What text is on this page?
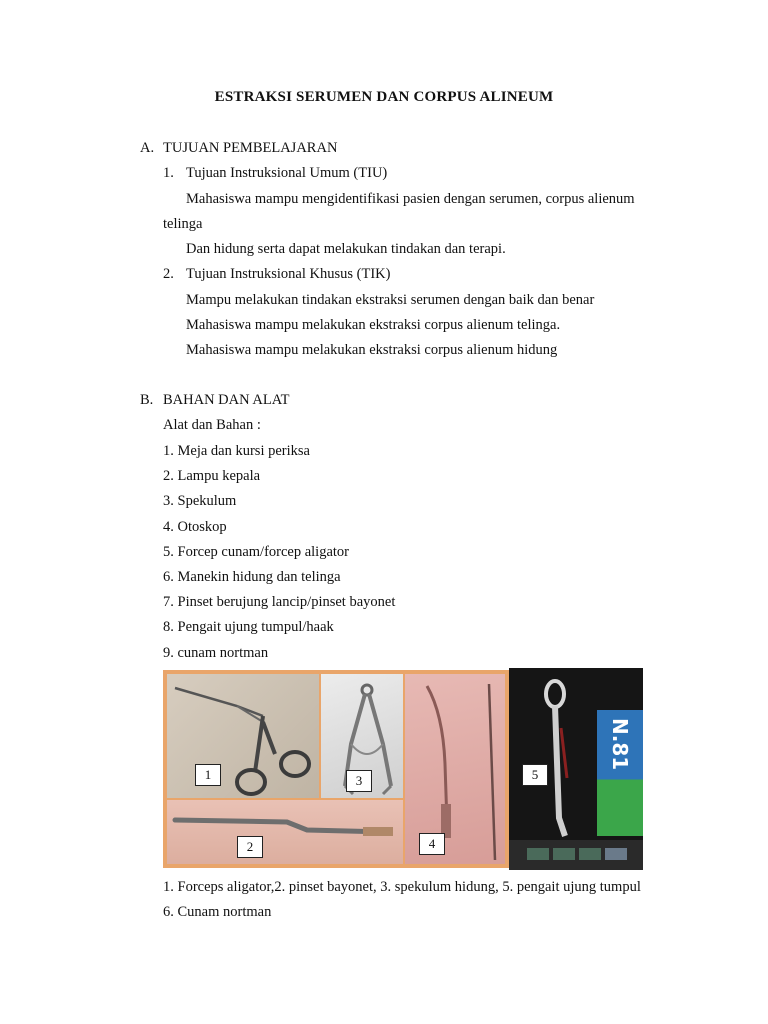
ESTRAKSI SERUMEN DAN CORPUS ALINEUM
A. TUJUAN PEMBELAJARAN
1. Tujuan Instruksional Umum (TIU)
Mahasiswa mampu mengidentifikasi pasien dengan serumen, corpus alienum
telinga
Dan hidung serta dapat melakukan tindakan dan terapi.
2. Tujuan Instruksional Khusus (TIK)
Mampu melakukan tindakan ekstraksi serumen dengan baik dan benar
Mahasiswa mampu melakukan ekstraksi corpus alienum telinga.
Mahasiswa mampu melakukan ekstraksi corpus alienum hidung
B. BAHAN DAN ALAT
Alat dan Bahan :
1. Meja dan kursi periksa
2. Lampu kepala
3. Spekulum
4. Otoskop
5. Forcep cunam/forcep aligator
6. Manekin hidung dan telinga
7. Pinset berujung lancip/pinset bayonet
8. Pengait ujung tumpul/haak
9. cunam nortman
N.81
1
2
3
4
5
1. Forceps aligator,2. pinset bayonet, 3. spekulum hidung, 5. pengait ujung tumpul
6. Cunam nortman
